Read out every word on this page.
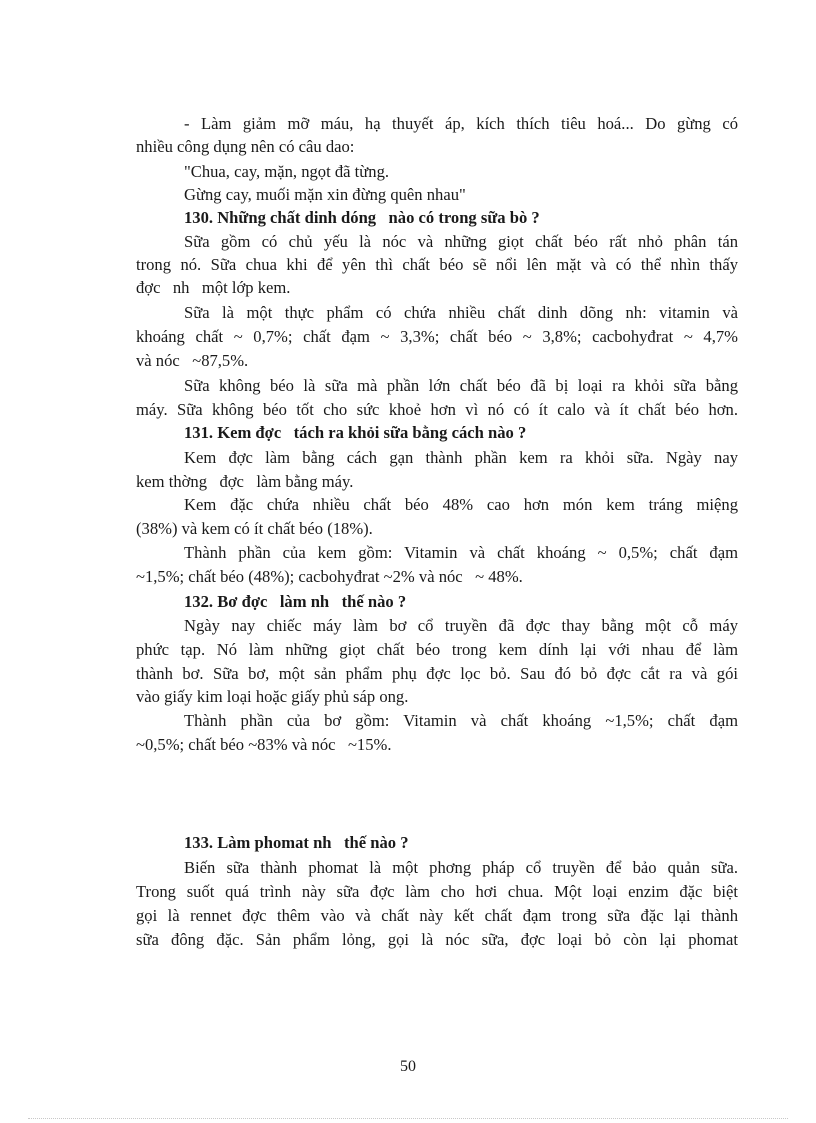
- Làm giảm mỡ máu, hạ thuyết áp, kích thích tiêu hoá... Do gừng có
nhiều công dụng nên có câu dao:
"Chua, cay, mặn, ngọt đã từng.
Gừng cay, muối mặn xin đừng quên nhau"
130. Những chất dinh dóng   nào có trong sữa bò ?
Sữa gồm có chủ yếu là nóc và những giọt chất béo rất nhỏ phân tán
trong nó. Sữa chua khi để yên thì chất béo sẽ nổi lên mặt và có thể nhìn thấy
đợc   nh   một lớp kem.
Sữa là một thực phẩm có chứa nhiều chất dinh dõng nh: vitamin và
khoáng chất ~ 0,7%; chất đạm ~ 3,3%; chất béo ~ 3,8%; cacbohyđrat ~ 4,7%
và nóc   ~87,5%.
Sữa không béo là sữa mà phần lớn chất béo đã bị loại ra khỏi sữa bằng
máy. Sữa không béo tốt cho sức khoẻ hơn vì nó có ít calo và ít chất béo hơn.
131. Kem đợc   tách ra khỏi sữa bằng cách nào ?
Kem đợc làm bằng cách gạn thành phần kem ra khỏi sữa. Ngày nay
kem thờng   đợc   làm bằng máy.
Kem đặc chứa nhiều chất béo 48% cao hơn món kem tráng miệng
(38%) và kem có ít chất béo (18%).
Thành phần của kem gồm: Vitamin và chất khoáng ~ 0,5%; chất đạm
~1,5%; chất béo (48%); cacbohyđrat ~2% và nóc   ~ 48%.
132. Bơ đợc   làm nh   thế nào ?
Ngày nay chiếc máy làm bơ cổ truyền đã đợc thay bằng một cỗ máy
phức tạp. Nó làm những giọt chất béo trong kem dính lại với nhau để làm
thành bơ. Sữa bơ, một sản phẩm phụ đợc lọc bỏ. Sau đó bỏ đợc cắt ra và gói
vào giấy kim loại hoặc giấy phủ sáp ong.
Thành phần của bơ gồm: Vitamin và chất khoáng ~1,5%; chất đạm
~0,5%; chất béo ~83% và nóc   ~15%.
133. Làm phomat nh   thế nào ?
Biến sữa thành phomat là một phơng pháp cổ truyền để bảo quản sữa.
Trong suốt quá trình này sữa đợc làm cho hơi chua. Một loại enzim đặc biệt
gọi là rennet đợc thêm vào và chất này kết chất đạm trong sữa đặc lại thành
sữa đông đặc. Sản phẩm lỏng, gọi là nóc sữa, đợc loại bỏ còn lại phomat
50
